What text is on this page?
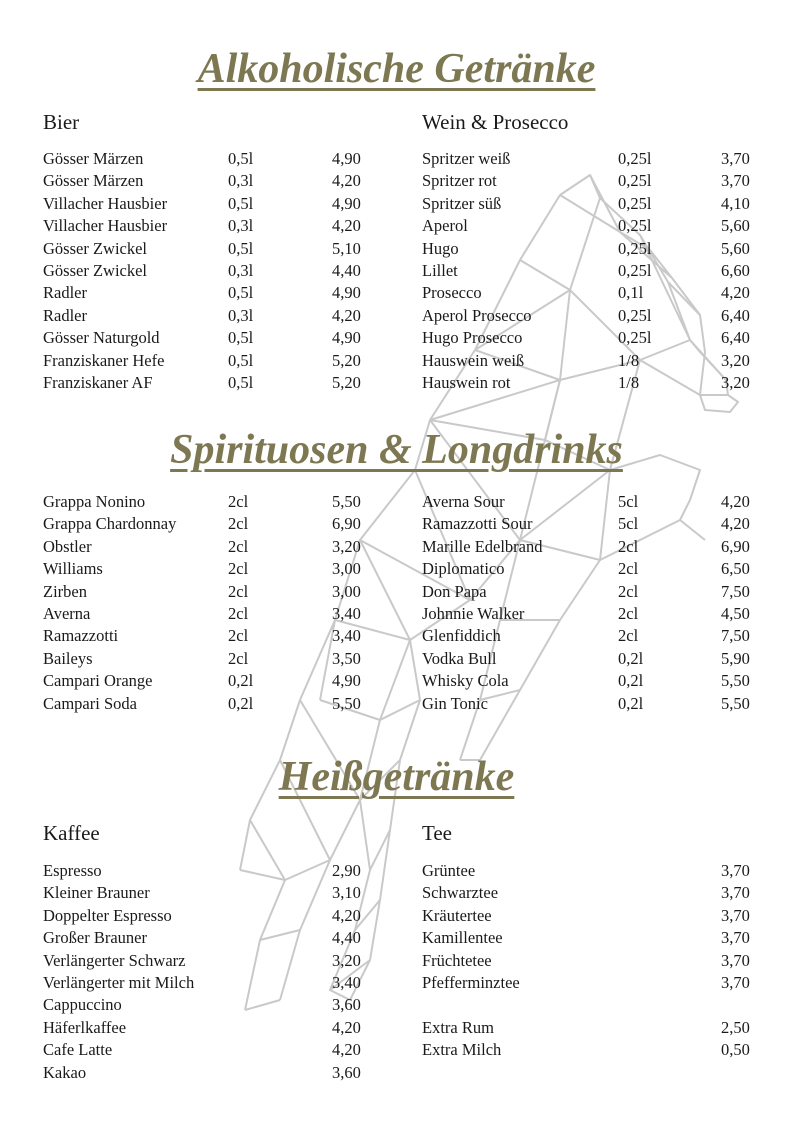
Alkoholische Getränke
Bier	Wein & Prosecco
Gösser Märzen	0,5l	4,90
Gösser Märzen	0,3l	4,20
Villacher Hausbier	0,5l	4,90
Villacher Hausbier	0,3l	4,20
Gösser Zwickel	0,5l	5,10
Gösser Zwickel	0,3l	4,40
Radler	0,5l	4,90
Radler	0,3l	4,20
Gösser Naturgold	0,5l	4,90
Franziskaner Hefe	0,5l	5,20
Franziskaner AF	0,5l	5,20
Spritzer weiß	0,25l	3,70
Spritzer rot	0,25l	3,70
Spritzer süß	0,25l	4,10
Aperol	0,25l	5,60
Hugo	0,25l	5,60
Lillet	0,25l	6,60
Prosecco	0,1l	4,20
Aperol Prosecco	0,25l	6,40
Hugo Prosecco	0,25l	6,40
Hauswein weiß	1/8	3,20
Hauswein rot	1/8	3,20
Spirituosen & Longdrinks
Grappa Nonino	2cl	5,50
Grappa Chardonnay	2cl	6,90
Obstler	2cl	3,20
Williams	2cl	3,00
Zirben	2cl	3,00
Averna	2cl	3,40
Ramazzotti	2cl	3,40
Baileys	2cl	3,50
Campari Orange	0,2l	4,90
Campari Soda	0,2l	5,50
Averna Sour	5cl	4,20
Ramazzotti Sour	5cl	4,20
Marille Edelbrand	2cl	6,90
Diplomatico	2cl	6,50
Don Papa	2cl	7,50
Johnnie Walker	2cl	4,50
Glenfiddich	2cl	7,50
Vodka Bull	0,2l	5,90
Whisky Cola	0,2l	5,50
Gin Tonic	0,2l	5,50
Heißgetränke
Kaffee	Tee
Espresso	2,90
Kleiner Brauner	3,10
Doppelter Espresso	4,20
Großer Brauner	4,40
Verlängerter Schwarz	3,20
Verlängerter mit Milch	3,40
Cappuccino	3,60
Häferlkaffee	4,20
Cafe Latte	4,20
Kakao	3,60
Grüntee	3,70
Schwarztee	3,70
Kräutertee	3,70
Kamillentee	3,70
Früchtetee	3,70
Pfefferminztee	3,70
Extra Rum	2,50
Extra Milch	0,50
